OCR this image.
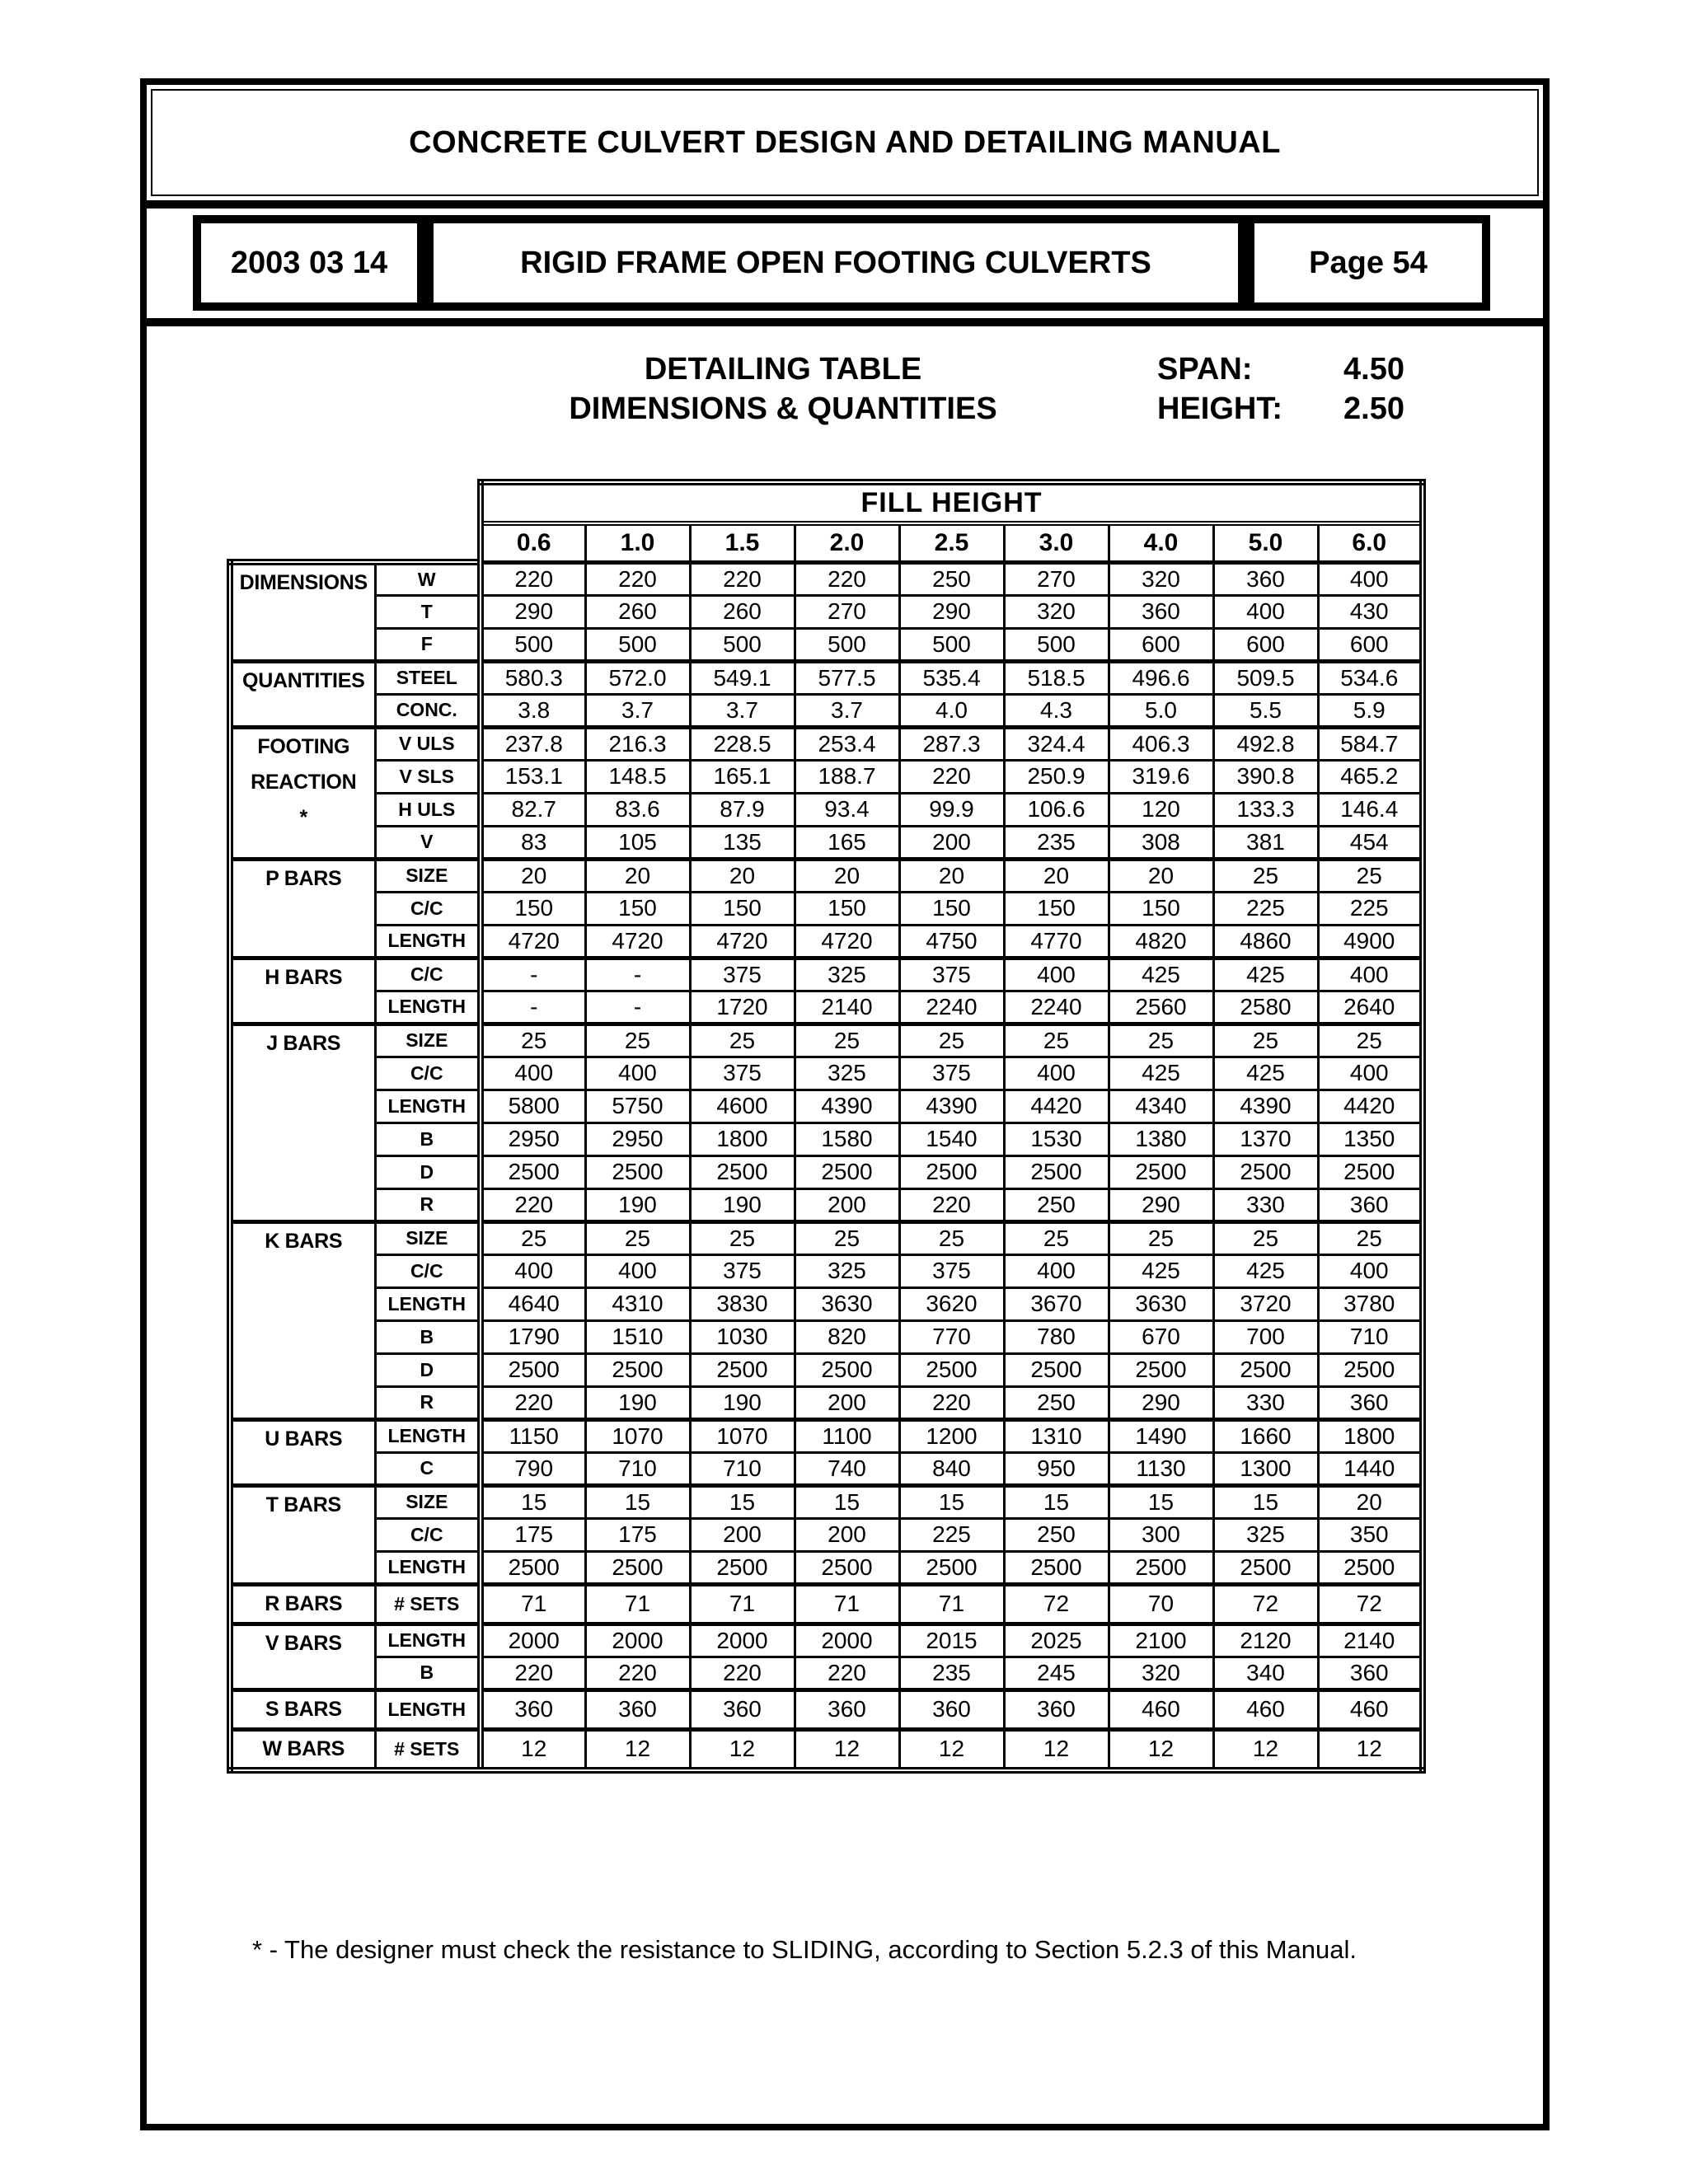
CONCRETE CULVERT DESIGN AND DETAILING MANUAL
2003 03 14	RIGID FRAME OPEN FOOTING CULVERTS	Page 54
DETAILING TABLE
DIMENSIONS & QUANTITIES
SPAN:	4.50
HEIGHT: 2.50
		FILL HEIGHT								
		0.6	1.0	1.5	2.0	2.5	3.0	4.0	5.0	6.0

DIMENSIONS	W	220	220	220	220	250	270	320	360	400
	T	290	260	260	270	290	320	360	400	430
	F	500	500	500	500	500	500	600	600	600

QUANTITIES	STEEL	580.3	572.0	549.1	577.5	535.4	518.5	496.6	509.5	534.6
	CONC.	3.8	3.7	3.7	3.7	4.0	4.3	5.0	5.5	5.9

FOOTING
REACTION
*	V ULS	237.8	216.3	228.5	253.4	287.3	324.4	406.3	492.8	584.7
	V SLS	153.1	148.5	165.1	188.7	220	250.9	319.6	390.8	465.2
	H ULS	82.7	83.6	87.9	93.4	99.9	106.6	120	133.3	146.4
	V	83	105	135	165	200	235	308	381	454

P BARS	SIZE	20	20	20	20	20	20	20	25	25
	C/C	150	150	150	150	150	150	150	225	225
	LENGTH	4720	4720	4720	4720	4750	4770	4820	4860	4900

H BARS	C/C	-	-	375	325	375	400	425	425	400
	LENGTH	-	-	1720	2140	2240	2240	2560	2580	2640

J BARS	SIZE	25	25	25	25	25	25	25	25	25
	C/C	400	400	375	325	375	400	425	425	400
	LENGTH	5800	5750	4600	4390	4390	4420	4340	4390	4420
	B	2950	2950	1800	1580	1540	1530	1380	1370	1350
	D	2500	2500	2500	2500	2500	2500	2500	2500	2500
	R	220	190	190	200	220	250	290	330	360

K BARS	SIZE	25	25	25	25	25	25	25	25	25
	C/C	400	400	375	325	375	400	425	425	400
	LENGTH	4640	4310	3830	3630	3620	3670	3630	3720	3780
	B	1790	1510	1030	820	770	780	670	700	710
	D	2500	2500	2500	2500	2500	2500	2500	2500	2500
	R	220	190	190	200	220	250	290	330	360

U BARS	LENGTH	1150	1070	1070	1100	1200	1310	1490	1660	1800
	C	790	710	710	740	840	950	1130	1300	1440

T BARS	SIZE	15	15	15	15	15	15	15	15	20
	C/C	175	175	200	200	225	250	300	325	350
	LENGTH	2500	2500	2500	2500	2500	2500	2500	2500	2500

R BARS	# SETS	71	71	71	71	71	72	70	72	72

V BARS	LENGTH	2000	2000	2000	2000	2015	2025	2100	2120	2140
	B	220	220	220	220	235	245	320	340	360

S BARS	LENGTH	360	360	360	360	360	360	460	460	460

W BARS	# SETS	12	12	12	12	12	12	12	12	12
* - The designer must check the resistance to SLIDING, according to Section 5.2.3 of this Manual.
